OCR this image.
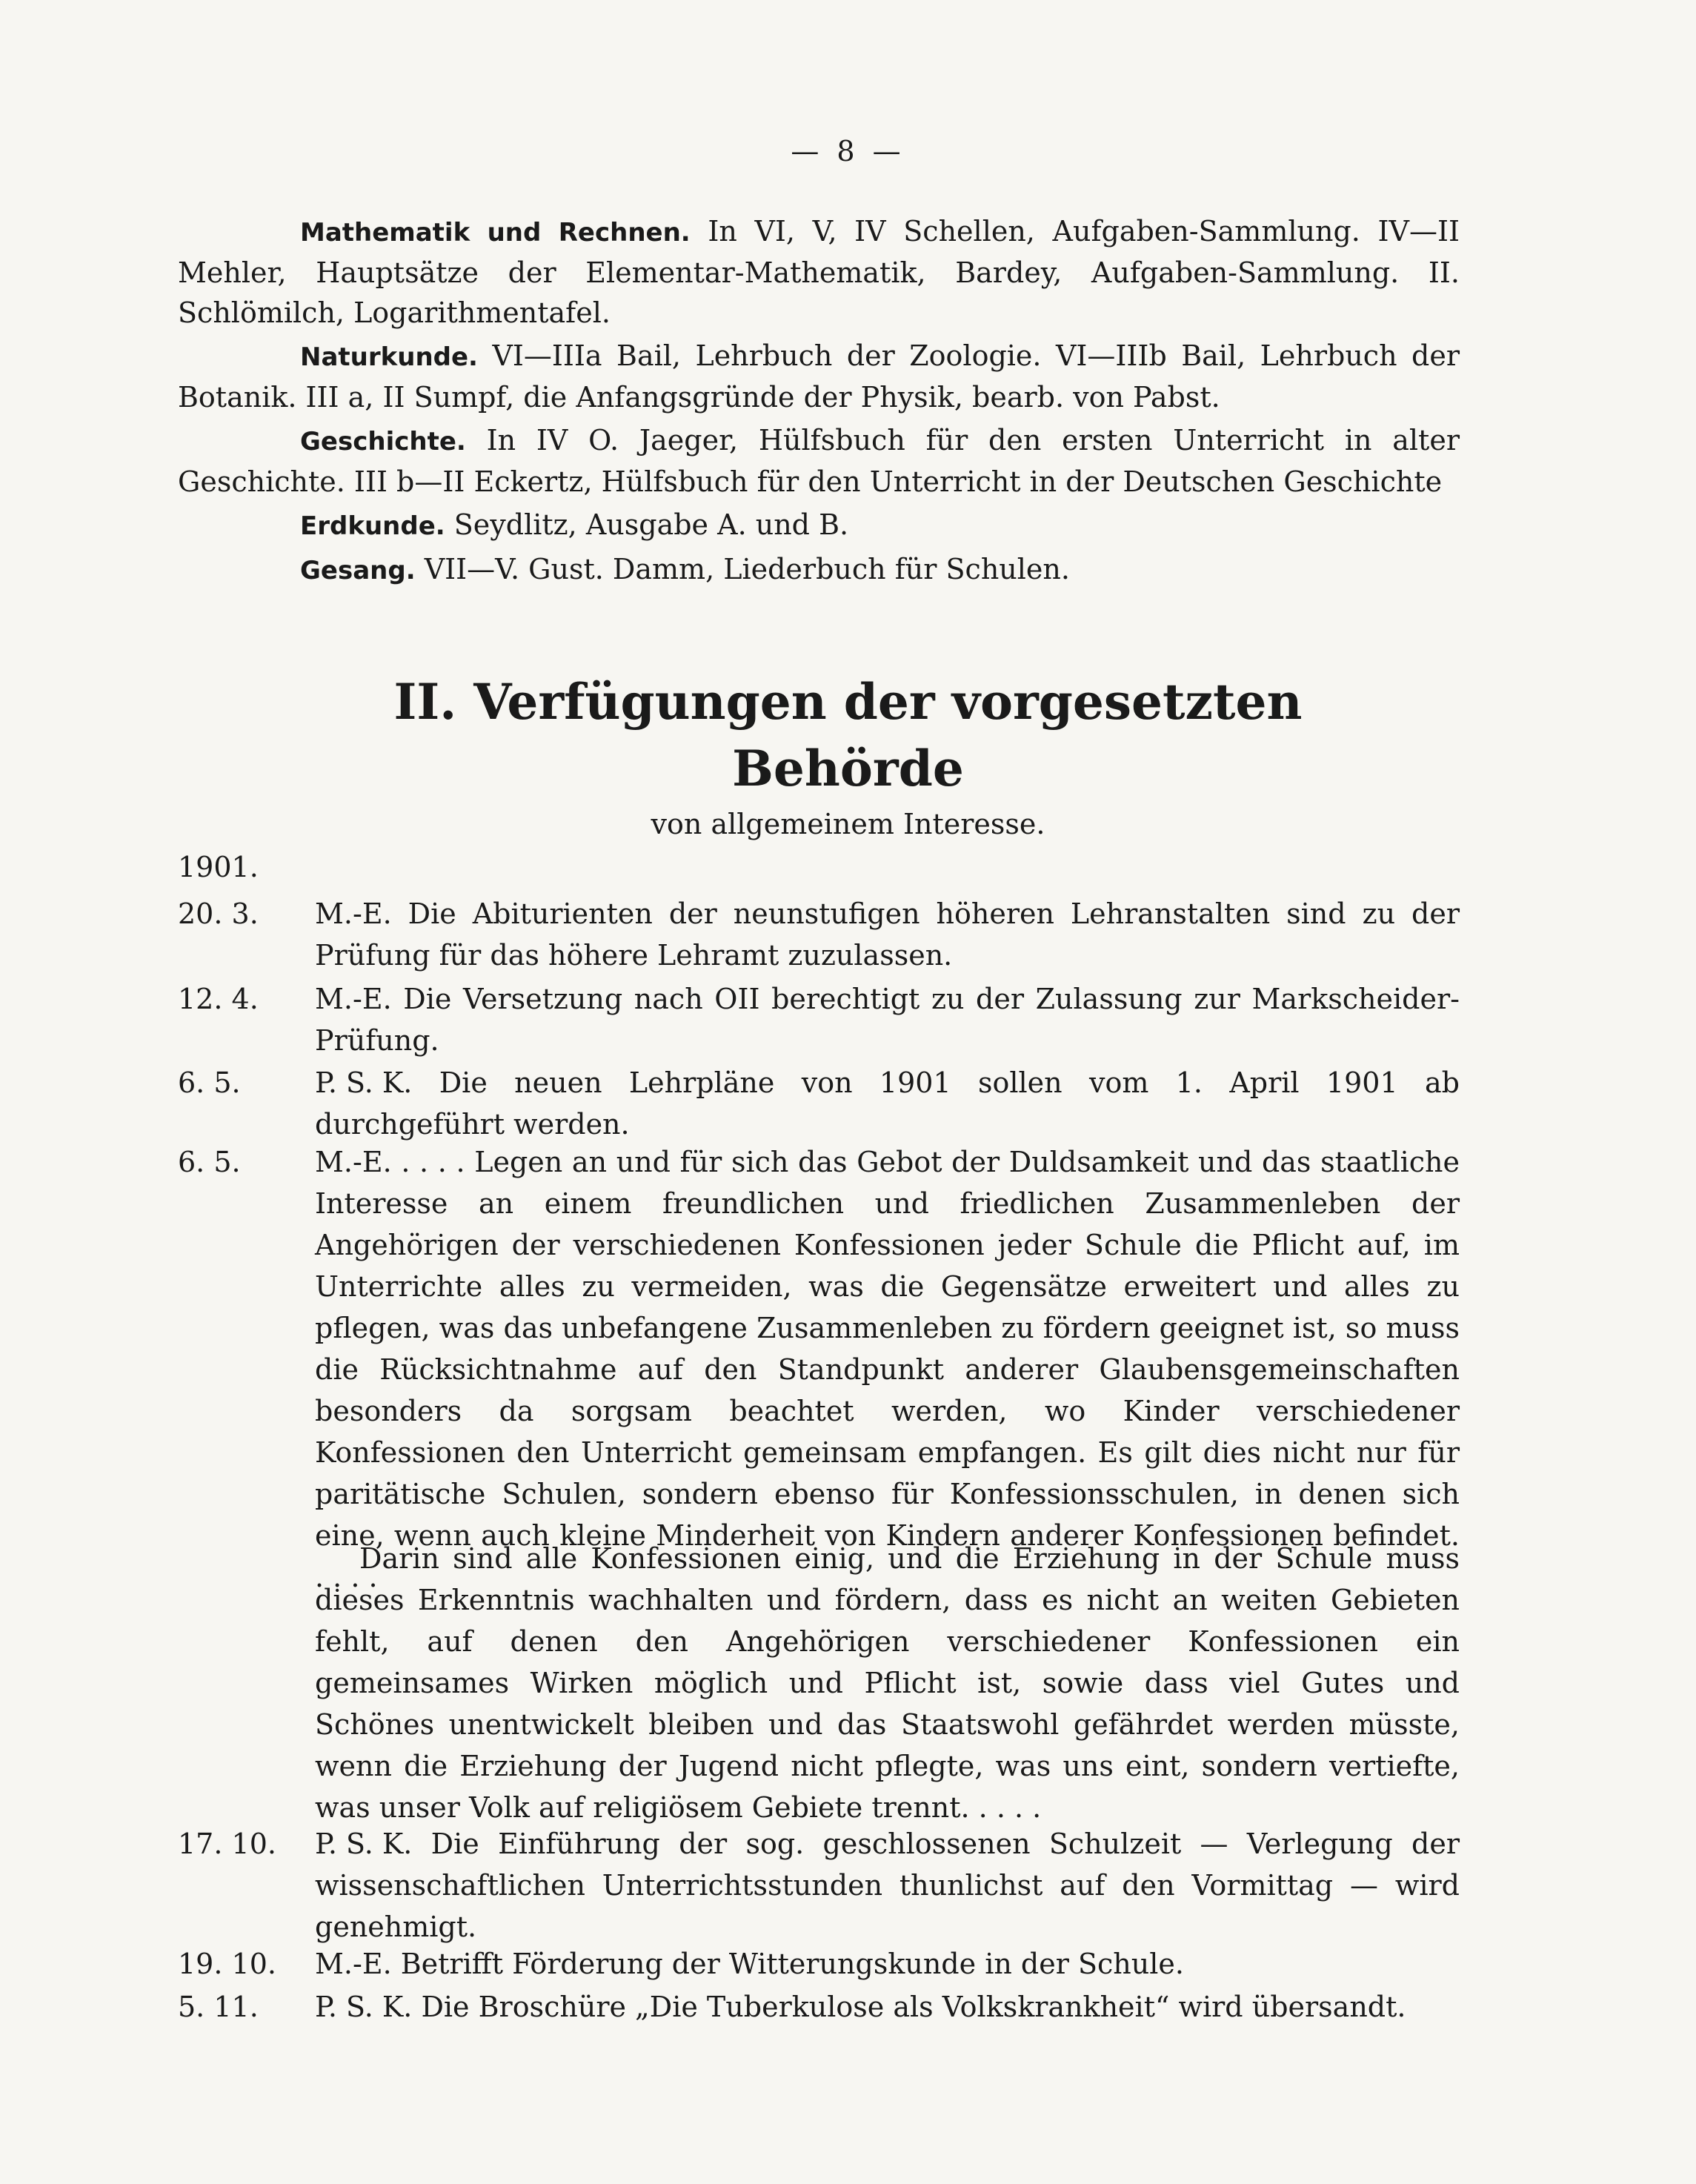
— 8 —

Mathematik und Rechnen. In VI, V, IV Schellen, Aufgaben-Sammlung. IV—II Mehler, Hauptsätze der Elementar-Mathematik, Bardey, Aufgaben-Sammlung. II. Schlömilch, Logarithmentafel.

Naturkunde. VI—IIIa Bail, Lehrbuch der Zoologie. VI—IIIb Bail, Lehrbuch der Botanik. III a, II Sumpf, die Anfangsgründe der Physik, bearb. von Pabst.

Geschichte. In IV O. Jaeger, Hülfsbuch für den ersten Unterricht in alter Geschichte. III b—II Eckertz, Hülfsbuch für den Unterricht in der Deutschen Geschichte

Erdkunde. Seydlitz, Ausgabe A. und B.

Gesang. VII—V. Gust. Damm, Liederbuch für Schulen.

II. Verfügungen der vorgesetzten
Behörde
von allgemeinem Interesse.
1901.
20. 3.	M.-E. Die Abiturienten der neunstufigen höheren Lehranstalten sind zu der Prüfung für das höhere Lehramt zuzulassen.
12. 4.	M.-E. Die Versetzung nach OII berechtigt zu der Zulassung zur Markscheider-Prüfung.
6. 5.	P. S. K. Die neuen Lehrpläne von 1901 sollen vom 1. April 1901 ab durchgeführt werden.
6. 5.	M.-E. . . . . Legen an und für sich das Gebot der Duldsamkeit und das staatliche Interesse an einem freundlichen und friedlichen Zusammenleben der Angehörigen der verschiedenen Konfessionen jeder Schule die Pflicht auf, im Unterrichte alles zu vermeiden, was die Gegensätze erweitert und alles zu pflegen, was das unbefangene Zusammenleben zu fördern geeignet ist, so muss die Rücksichtnahme auf den Standpunkt anderer Glaubensgemeinschaften besonders da sorgsam beachtet werden, wo Kinder verschiedener Konfessionen den Unterricht gemeinsam empfangen. Es gilt dies nicht nur für paritätische Schulen, sondern ebenso für Konfessionsschulen, in denen sich eine, wenn auch kleine Minderheit von Kindern anderer Konfessionen befindet. . . . .
Darin sind alle Konfessionen einig, und die Erziehung in der Schule muss dieses Erkenntnis wachhalten und fördern, dass es nicht an weiten Gebieten fehlt, auf denen den Angehörigen verschiedener Konfessionen ein gemeinsames Wirken möglich und Pflicht ist, sowie dass viel Gutes und Schönes unentwickelt bleiben und das Staatswohl gefährdet werden müsste, wenn die Erziehung der Jugend nicht pflegte, was uns eint, sondern vertiefte, was unser Volk auf religiösem Gebiete trennt. . . . .
17. 10.	P. S. K. Die Einführung der sog. geschlossenen Schulzeit — Verlegung der wissenschaftlichen Unterrichtsstunden thunlichst auf den Vormittag — wird genehmigt.
19. 10.	M.-E. Betrifft Förderung der Witterungskunde in der Schule.
5. 11.	P. S. K. Die Broschüre „Die Tuberkulose als Volkskrankheit“ wird übersandt.
